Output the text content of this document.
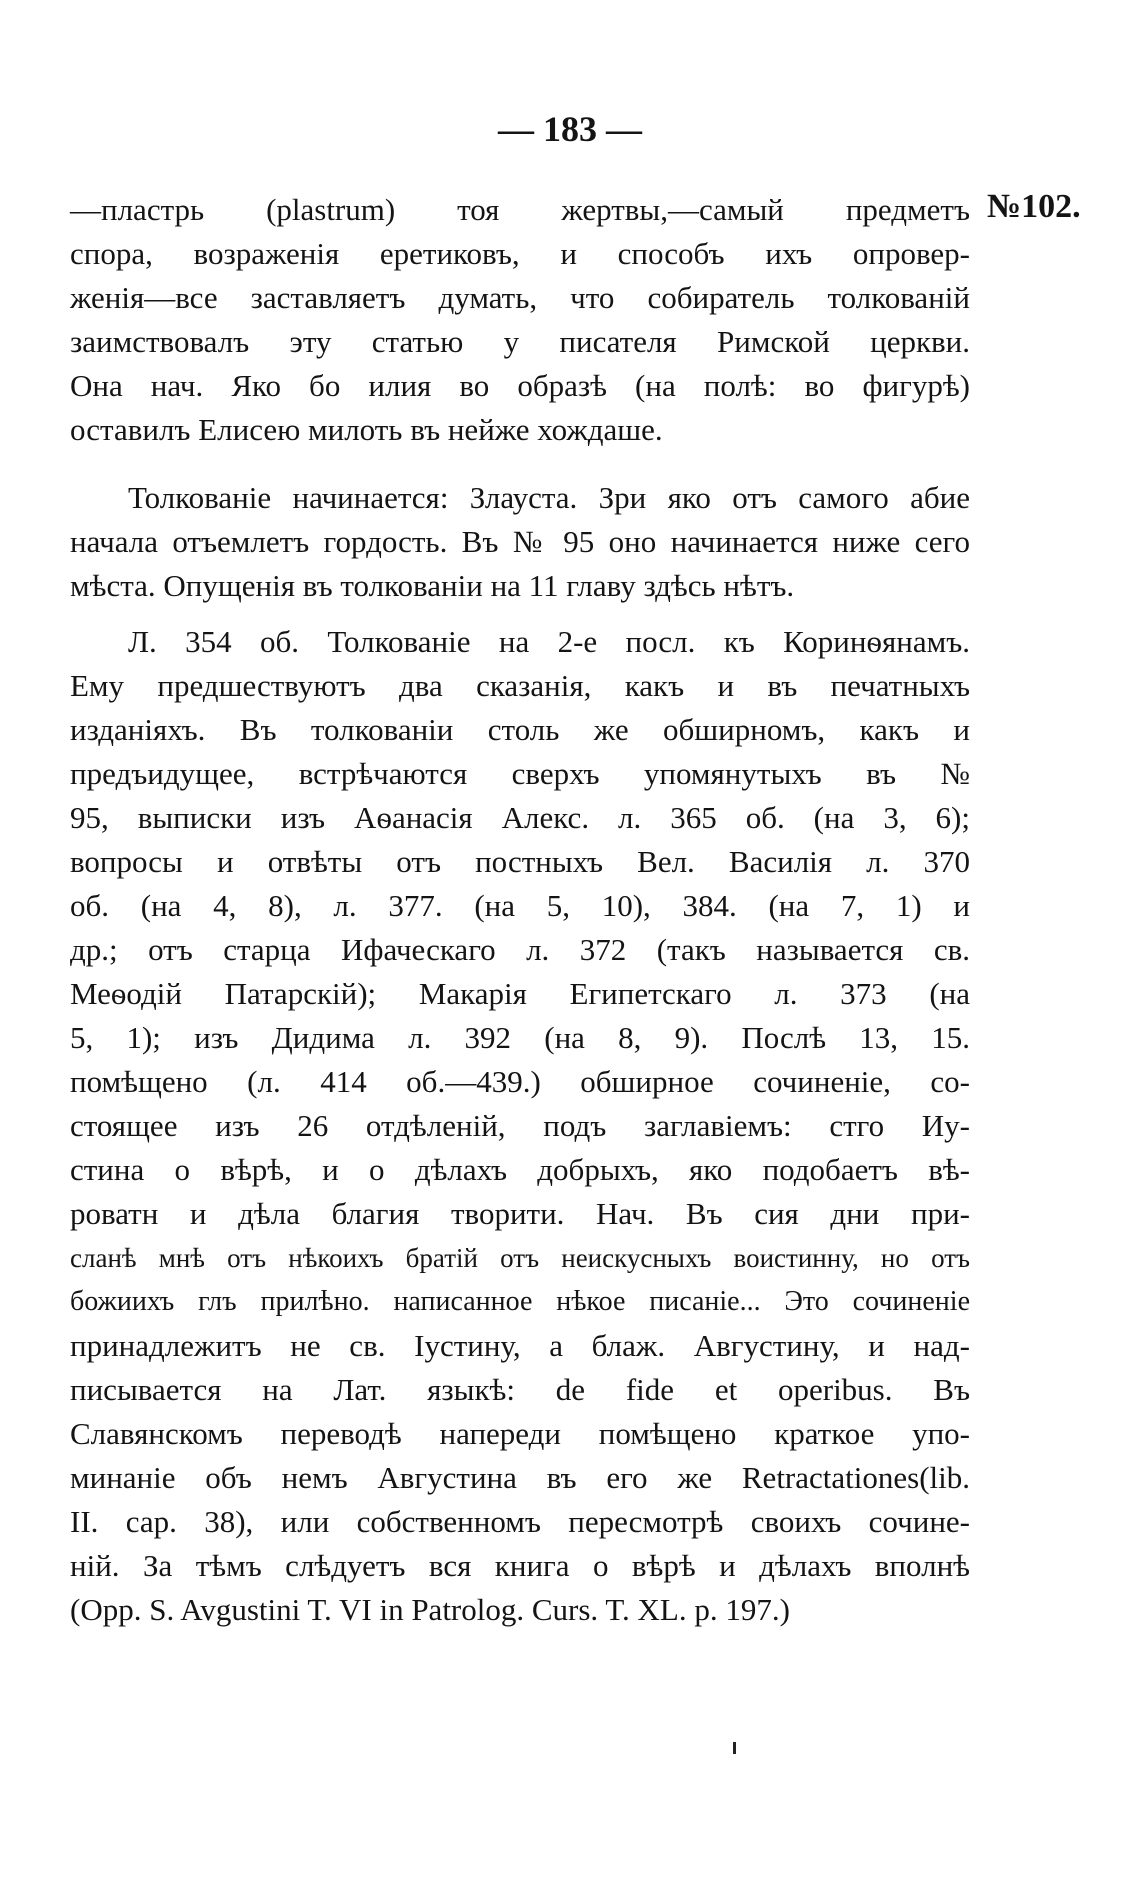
— 183 —
№102.
—пластрь (plastrum) тоя жертвы,—самый предметъ
спора, возраженія еретиковъ, и способъ ихъ опровер-
женія—все заставляетъ думать, что собиратель толкованій
заимствовалъ эту статью у писателя Римской церкви.
Она нач. Яко бо илия во образѣ (на полѣ: во фигурѣ)
оставилъ Елисею милоть въ нейже хождаше.
Толкованіе начинается: Злауста. Зри яко отъ самого абие
начала отъемлетъ гордость. Въ № 95 оно начинается ниже сего
мѣста. Опущенія въ толкованіи на 11 главу здѣсь нѣтъ.
Л. 354 об. Толкованіе на 2-е посл. къ Коринѳянамъ.
Ему предшествуютъ два сказанія, какъ и въ печатныхъ
изданіяхъ. Въ толкованіи столь же обширномъ, какъ и
предъидущее, встрѣчаются сверхъ упомянутыхъ въ №
95, выписки изъ Аѳанасія Алекс. л. 365 об. (на 3, 6);
вопросы и отвѣты отъ постныхъ Вел. Василія л. 370
об. (на 4, 8), л. 377. (на 5, 10), 384. (на 7, 1) и
др.; отъ старца Ифаческаго л. 372 (такъ называется св.
Меѳодій Патарскій); Макарія Египетскаго л. 373 (на
5, 1); изъ Дидима л. 392 (на 8, 9). Послѣ 13, 15.
помѣщено (л. 414 об.—439.) обширное сочиненіе, со-
стоящее изъ 26 отдѣленій, подъ заглавіемъ: стго Иу-
стина о вѣрѣ, и о дѣлахъ добрыхъ, яко подобаетъ вѣ-
роватн и дѣла благия творити. Нач. Въ сия дни при-
сланѣ мнѣ отъ нѣкоихъ братій отъ неискусныхъ воистинну, но отъ
божиихъ глъ прилѣно. написанное нѣкое писаніе... Это сочиненіе
принадлежитъ не св. Іустину, а блаж. Августину, и над-
писывается на Лат. языкѣ: de fide et operibus. Въ
Славянскомъ переводѣ напереди помѣщено краткое упо-
минаніе объ немъ Августина въ его же Retractationes(lib.
II. сар. 38), или собственномъ пересмотрѣ своихъ сочине-
ній. За тѣмъ слѣдуетъ вся книга о вѣрѣ и дѣлахъ вполнѣ
(Opp. S. Avgustini T. VI in Patrolog. Curs. T. XL. p. 197.)
